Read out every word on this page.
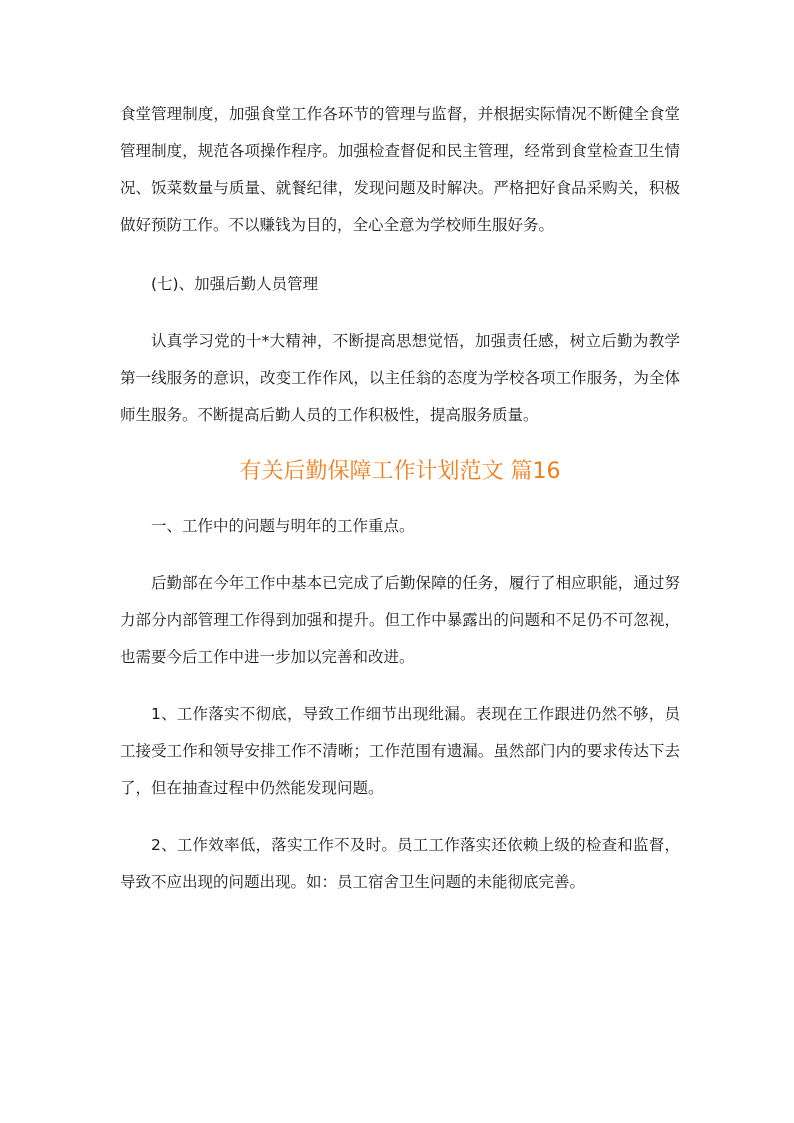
食堂管理制度，加强食堂工作各环节的管理与监督，并根据实际情况不断健全食堂管理制度，规范各项操作程序。加强检查督促和民主管理，经常到食堂检查卫生情况、饭菜数量与质量、就餐纪律，发现问题及时解决。严格把好食品采购关，积极做好预防工作。不以赚钱为目的，全心全意为学校师生服好务。

(七)、加强后勤人员管理

认真学习党的十*大精神，不断提高思想觉悟，加强责任感，树立后勤为教学第一线服务的意识，改变工作作风，以主任翁的态度为学校各项工作服务，为全体师生服务。不断提高后勤人员的工作积极性，提高服务质量。

有关后勤保障工作计划范文 篇16

一、工作中的问题与明年的工作重点。

后勤部在今年工作中基本已完成了后勤保障的任务，履行了相应职能，通过努力部分内部管理工作得到加强和提升。但工作中暴露出的问题和不足仍不可忽视，也需要今后工作中进一步加以完善和改进。

1、工作落实不彻底，导致工作细节出现纰漏。表现在工作跟进仍然不够，员工接受工作和领导安排工作不清晰；工作范围有遗漏。虽然部门内的要求传达下去了，但在抽查过程中仍然能发现问题。

2、工作效率低，落实工作不及时。员工工作落实还依赖上级的检查和监督，导致不应出现的问题出现。如：员工宿舍卫生问题的未能彻底完善。
